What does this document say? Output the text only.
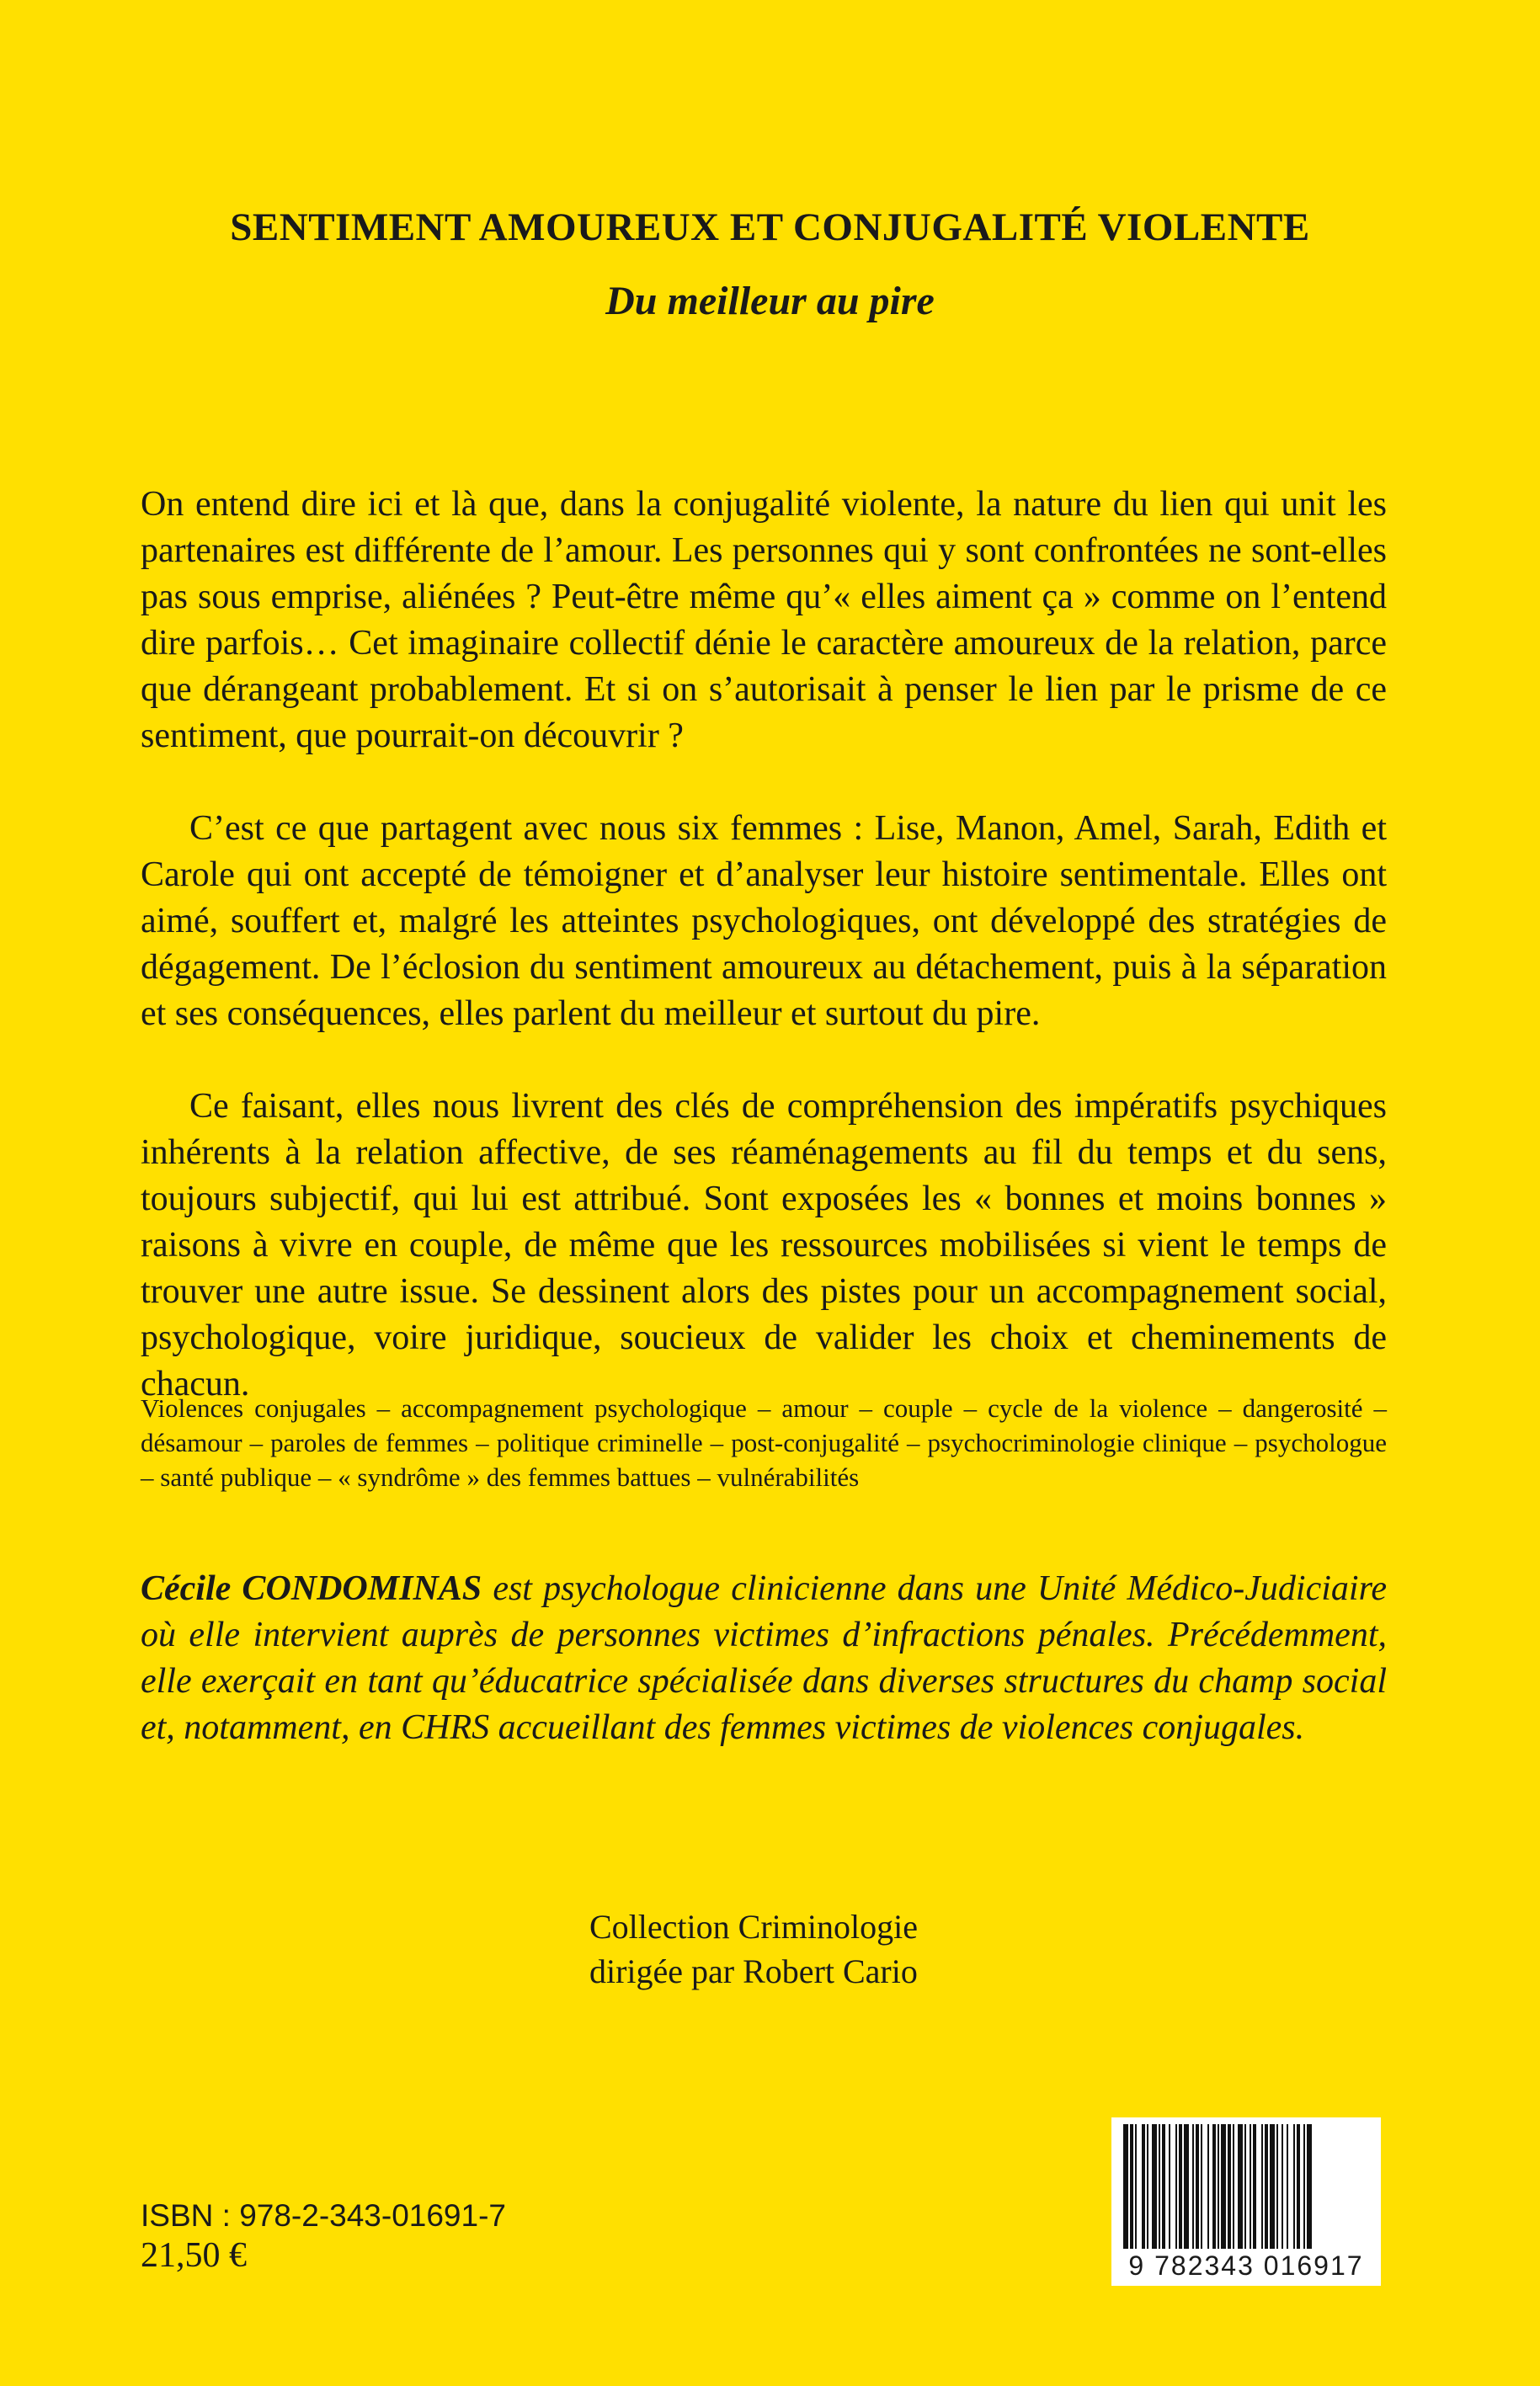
SENTIMENT AMOUREUX ET CONJUGALITÉ VIOLENTE
Du meilleur au pire

On entend dire ici et là que, dans la conjugalité violente, la nature du lien qui unit les partenaires est différente de l’amour. Les personnes qui y sont confrontées ne sont-elles pas sous emprise, aliénées ? Peut-être même qu’« elles aiment ça » comme on l’entend dire parfois… Cet imaginaire collectif dénie le caractère amoureux de la relation, parce que dérangeant probablement. Et si on s’autorisait à penser le lien par le prisme de ce sentiment, que pourrait-on découvrir ?

C’est ce que partagent avec nous six femmes : Lise, Manon, Amel, Sarah, Edith et Carole qui ont accepté de témoigner et d’analyser leur histoire sentimentale. Elles ont aimé, souffert et, malgré les atteintes psychologiques, ont développé des stratégies de dégagement. De l’éclosion du sentiment amoureux au détachement, puis à la séparation et ses conséquences, elles parlent du meilleur et surtout du pire.

Ce faisant, elles nous livrent des clés de compréhension des impératifs psychiques inhérents à la relation affective, de ses réaménagements au fil du temps et du sens, toujours subjectif, qui lui est attribué. Sont exposées les « bonnes et moins bonnes » raisons à vivre en couple, de même que les ressources mobilisées si vient le temps de trouver une autre issue. Se dessinent alors des pistes pour un accompagnement social, psychologique, voire juridique, soucieux de valider les choix et cheminements de chacun.

Violences conjugales – accompagnement psychologique – amour – couple – cycle de la violence – dangerosité – désamour – paroles de femmes – politique criminelle – post-conjugalité – psychocriminologie clinique – psychologue – santé publique – « syndrôme » des femmes battues – vulnérabilités
Cécile CONDOMINAS est psychologue clinicienne dans une Unité Médico-Judiciaire où elle intervient auprès de personnes victimes d’infractions pénales. Précédemment, elle exerçait en tant qu’éducatrice spécialisée dans diverses structures du champ social et, notamment, en CHRS accueillant des femmes victimes de violences conjugales.
Collection Criminologie
dirigée par Robert Cario
ISBN : 978-2-343-01691-7
21,50 €	9 782343 016917
